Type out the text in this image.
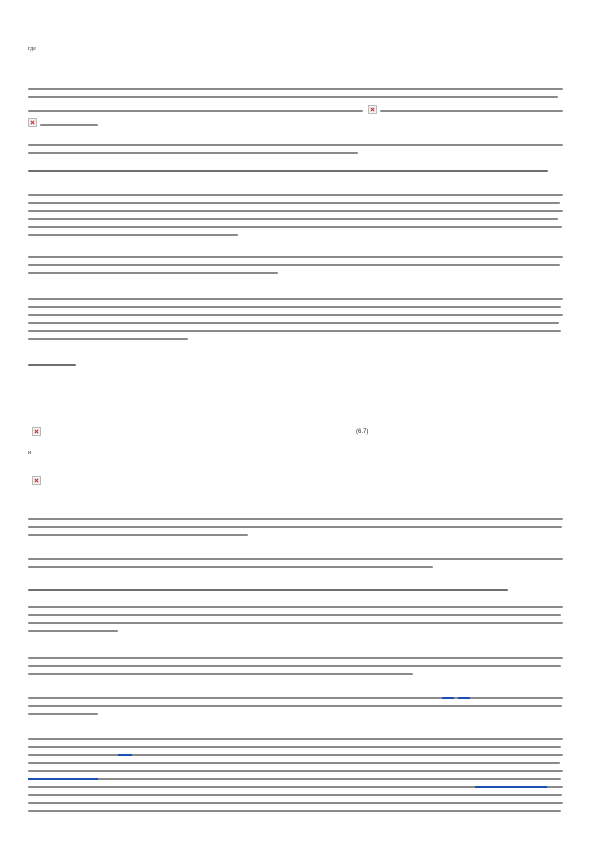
где
(6.7)
и
